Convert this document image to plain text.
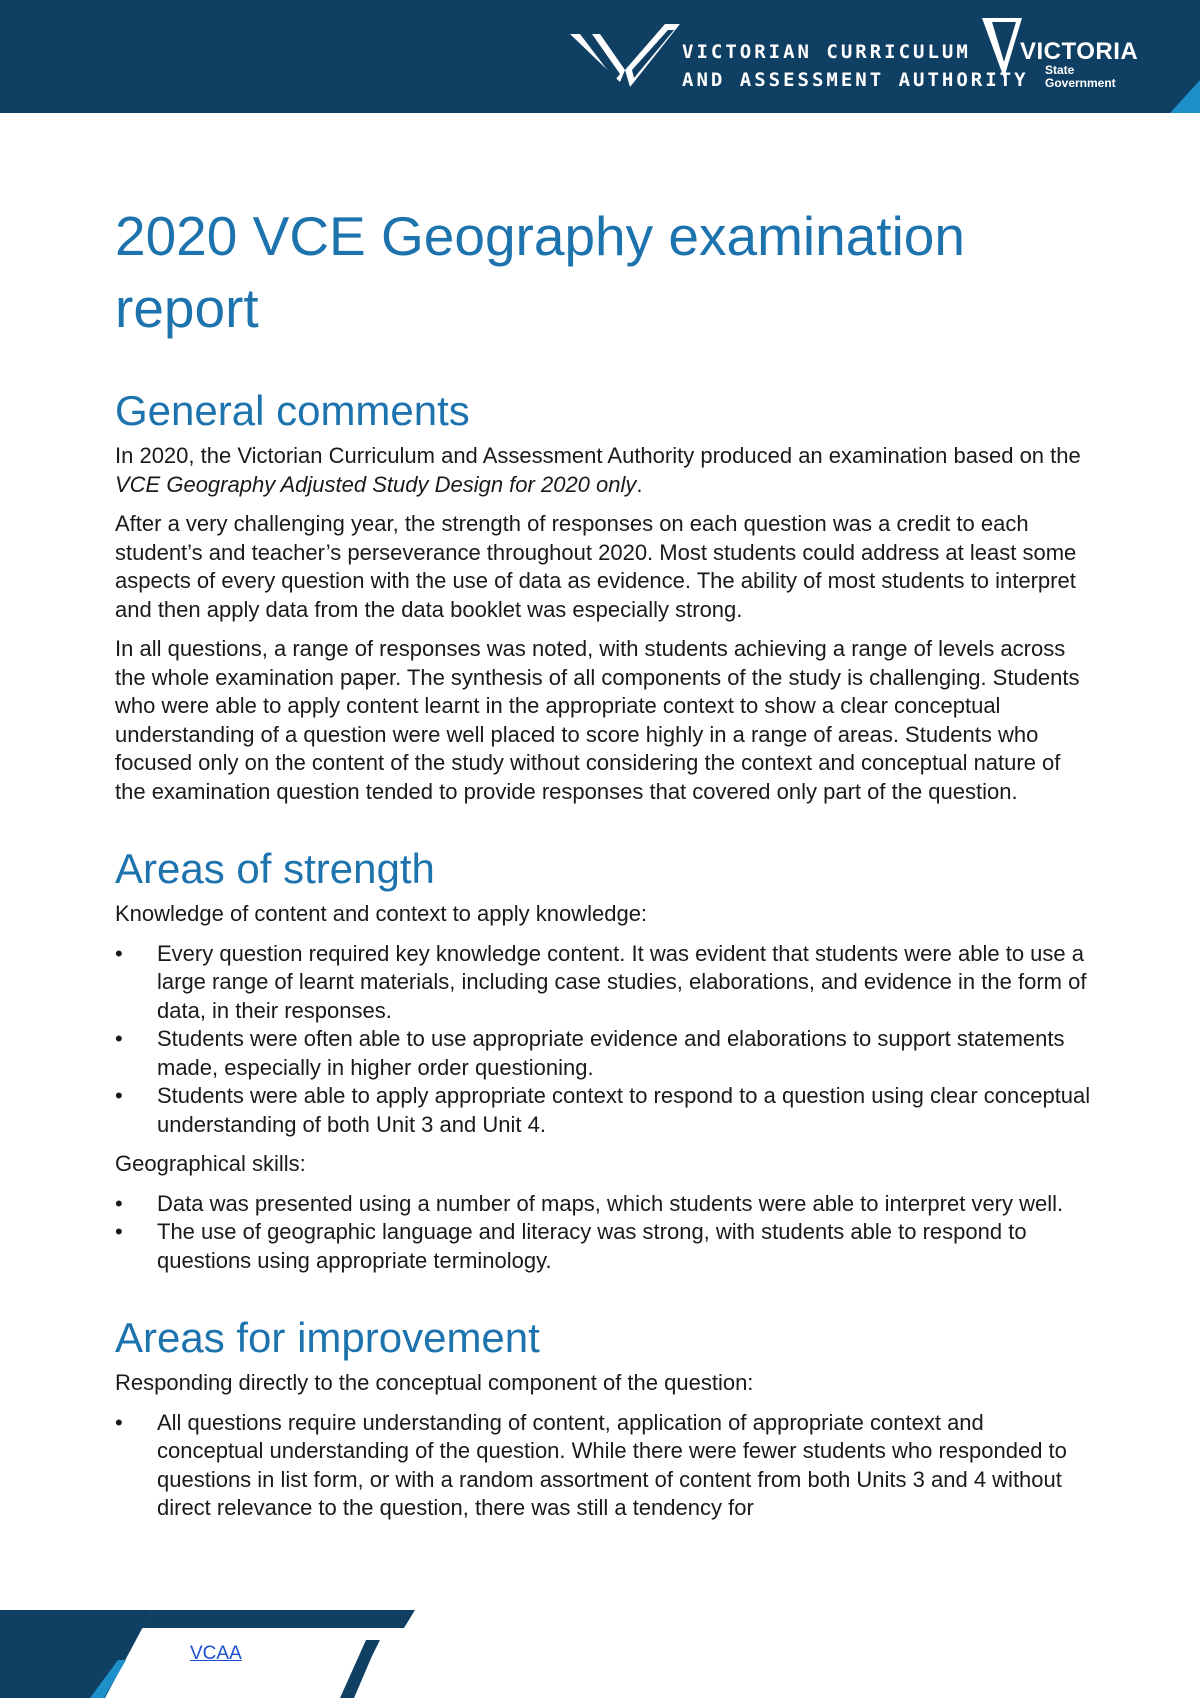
VICTORIAN CURRICULUM
AND ASSESSMENT AUTHORITY
VICTORIA
State
Government
2020 VCE Geography examination report
General comments

In 2020, the Victorian Curriculum and Assessment Authority produced an examination based on the VCE Geography Adjusted Study Design for 2020 only.

After a very challenging year, the strength of responses on each question was a credit to each student’s and teacher’s perseverance throughout 2020. Most students could address at least some aspects of every question with the use of data as evidence. The ability of most students to interpret and then apply data from the data booklet was especially strong.

In all questions, a range of responses was noted, with students achieving a range of levels across the whole examination paper. The synthesis of all components of the study is challenging. Students who were able to apply content learnt in the appropriate context to show a clear conceptual understanding of a question were well placed to score highly in a range of areas. Students who focused only on the content of the study without considering the context and conceptual nature of the examination question tended to provide responses that covered only part of the question.

Areas of strength

Knowledge of content and context to apply knowledge:

• Every question required key knowledge content. It was evident that students were able to use a large range of learnt materials, including case studies, elaborations, and evidence in the form of data, in their responses.
• Students were often able to use appropriate evidence and elaborations to support statements made, especially in higher order questioning.
• Students were able to apply appropriate context to respond to a question using clear conceptual understanding of both Unit 3 and Unit 4.

Geographical skills:

• Data was presented using a number of maps, which students were able to interpret very well.
• The use of geographic language and literacy was strong, with students able to respond to questions using appropriate terminology.
Areas for improvement

Responding directly to the conceptual component of the question:

• All questions require understanding of content, application of appropriate context and conceptual understanding of the question. While there were fewer students who responded to questions in list form, or with a random assortment of content from both Units 3 and 4 without direct relevance to the question, there was still a tendency for
VCAA
